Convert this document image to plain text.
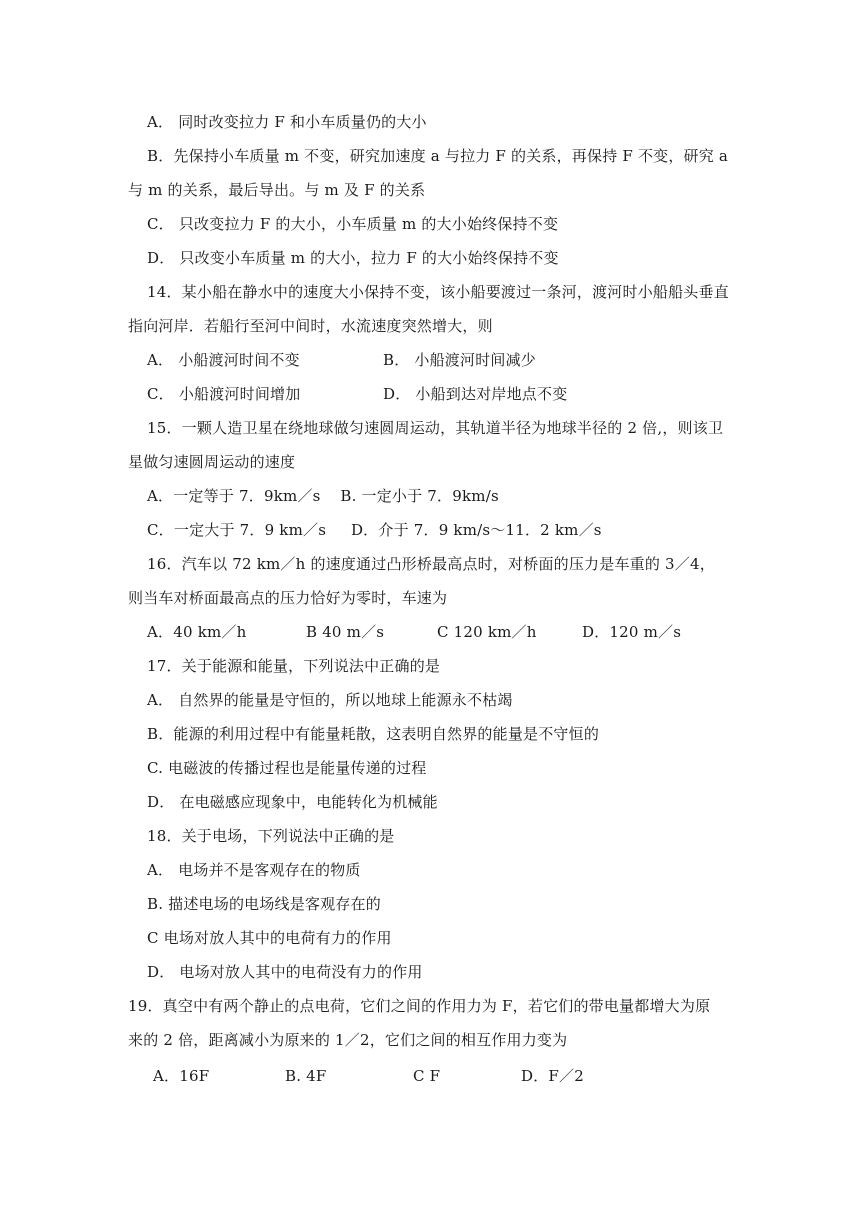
A． 同时改变拉力 F 和小车质量仍的大小
B．先保持小车质量 m 不变，研究加速度 a 与拉力 F 的关系，再保持 F 不变，研究 a
与 m 的关系，最后导出。与 m 及 F 的关系
C． 只改变拉力 F 的大小，小车质量 m 的大小始终保持不变
D． 只改变小车质量 m 的大小，拉力 F 的大小始终保持不变
14．某小船在静水中的速度大小保持不变，该小船要渡过一条河，渡河时小船船头垂直
指向河岸．若船行至河中间时，水流速度突然增大，则
A． 小船渡河时间不变	B． 小船渡河时间减少
C． 小船渡河时间增加	D． 小船到达对岸地点不变
15．一颗人造卫星在绕地球做匀速圆周运动，其轨道半径为地球半径的 2 倍,，则该卫
星做匀速圆周运动的速度
A．一定等于 7．9km／s    B. 一定小于 7．9km/s
C．一定大于 7．9 km／s     D．介于 7．9 km/s～11．2 km／s
16．汽车以 72 km／h 的速度通过凸形桥最高点时，对桥面的压力是车重的 3／4，
则当车对桥面最高点的压力恰好为零时，车速为
A．40 km／h	B 40 m／s	C 120 km／h	D．120 m／s
17．关于能源和能量，下列说法中正确的是
A． 自然界的能量是守恒的，所以地球上能源永不枯竭
B．能源的利用过程中有能量耗散，这表明自然界的能量是不守恒的
C. 电磁波的传播过程也是能量传递的过程
D． 在电磁感应现象中，电能转化为机械能
18．关于电场，下列说法中正确的是
A． 电场并不是客观存在的物质
B. 描述电场的电场线是客观存在的
C 电场对放人其中的电荷有力的作用
D． 电场对放人其中的电荷没有力的作用
19．真空中有两个静止的点电荷，它们之间的作用力为 F，若它们的带电量都增大为原
来的 2 倍，距离减小为原来的 1／2，它们之间的相互作用力变为
A．16F	B. 4F	C F	D．F／2
